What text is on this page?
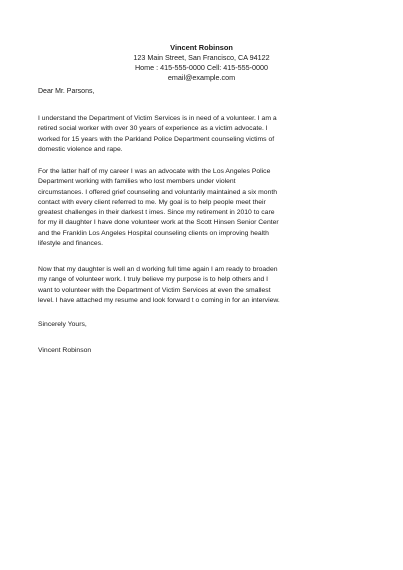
Vincent Robinson
123 Main Street, San Francisco, CA 94122
Home : 415-555-0000 Cell: 415-555-0000
email@example.com
Dear Mr. Parsons,

I understand the Department of Victim Services is in need of a volunteer. I am a
retired social worker with over 30 years of experience as a victim advocate. I
worked for 15 years with the Parkland Police Department counseling victims of
domestic violence and rape.

For the latter half of my career I was an advocate with the Los Angeles Police
Department working with families who lost members under violent
circumstances. I offered grief counseling and voluntarily maintained a six month
contact with every client referred to me. My goal is to help people meet their
greatest challenges in their darkest t imes. Since my retirement in 2010 to care
for my ill daughter I have done volunteer work at the Scott Hinsen Senior Center
and the Franklin Los Angeles Hospital counseling clients on improving health
lifestyle and finances.

Now that my daughter is well an d working full time again I am ready to broaden
my range of volunteer work. I truly believe my purpose is to help others and I
want to volunteer with the Department of Victim Services at even the smallest
level. I have attached my resume and look forward t o coming in for an interview.

Sincerely Yours,
Vincent Robinson
